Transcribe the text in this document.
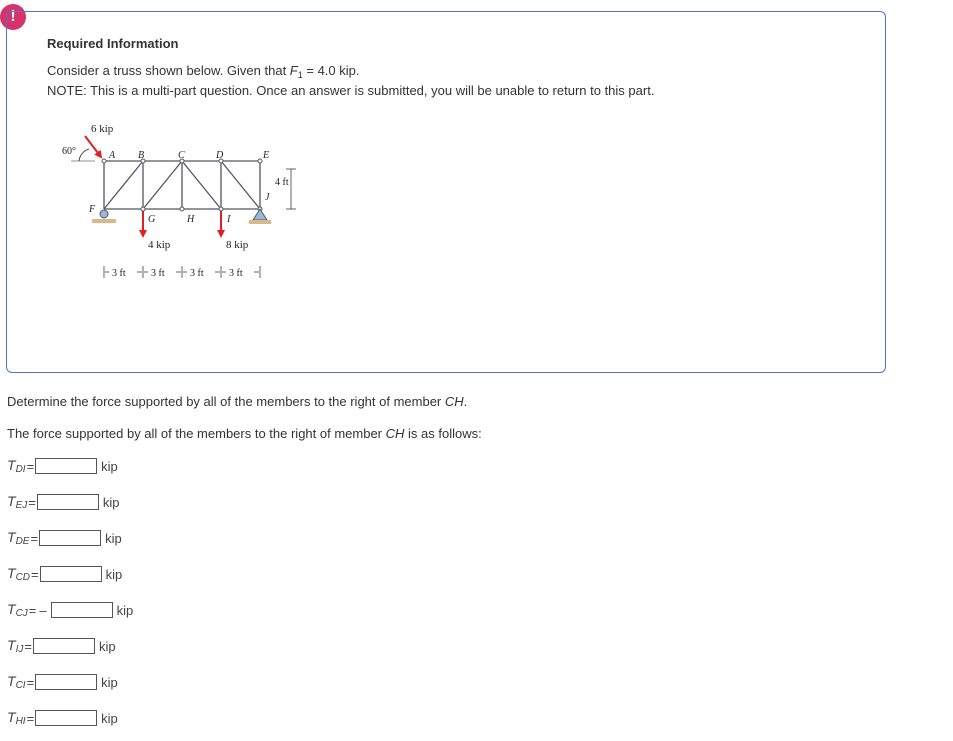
!
Required Information
Consider a truss shown below. Given that $F_1 = 4.0$ kip.
NOTE: This is a multi-part question. Once an answer is submitted, you will be unable to return to this part.
6 kip
60°	A B	C	D	E
F
G	H	I
J
4 ft
4 kip	8 kip
3 ft	3 ft	3 ft	3 ft
Determine the force supported by all of the members to the right of member CH.
The force supported by all of the members to the right of member CH is as follows:
$T_{DI}$ =	kip
$T_{EJ}$ =	kip
$T_{DE}$ =	kip
$T_{CD}$ =	kip
$T_{CJ}$ = –	kip
$T_{IJ}$ =	kip
$T_{CI}$ =	kip
$T_{HI}$ =	kip
